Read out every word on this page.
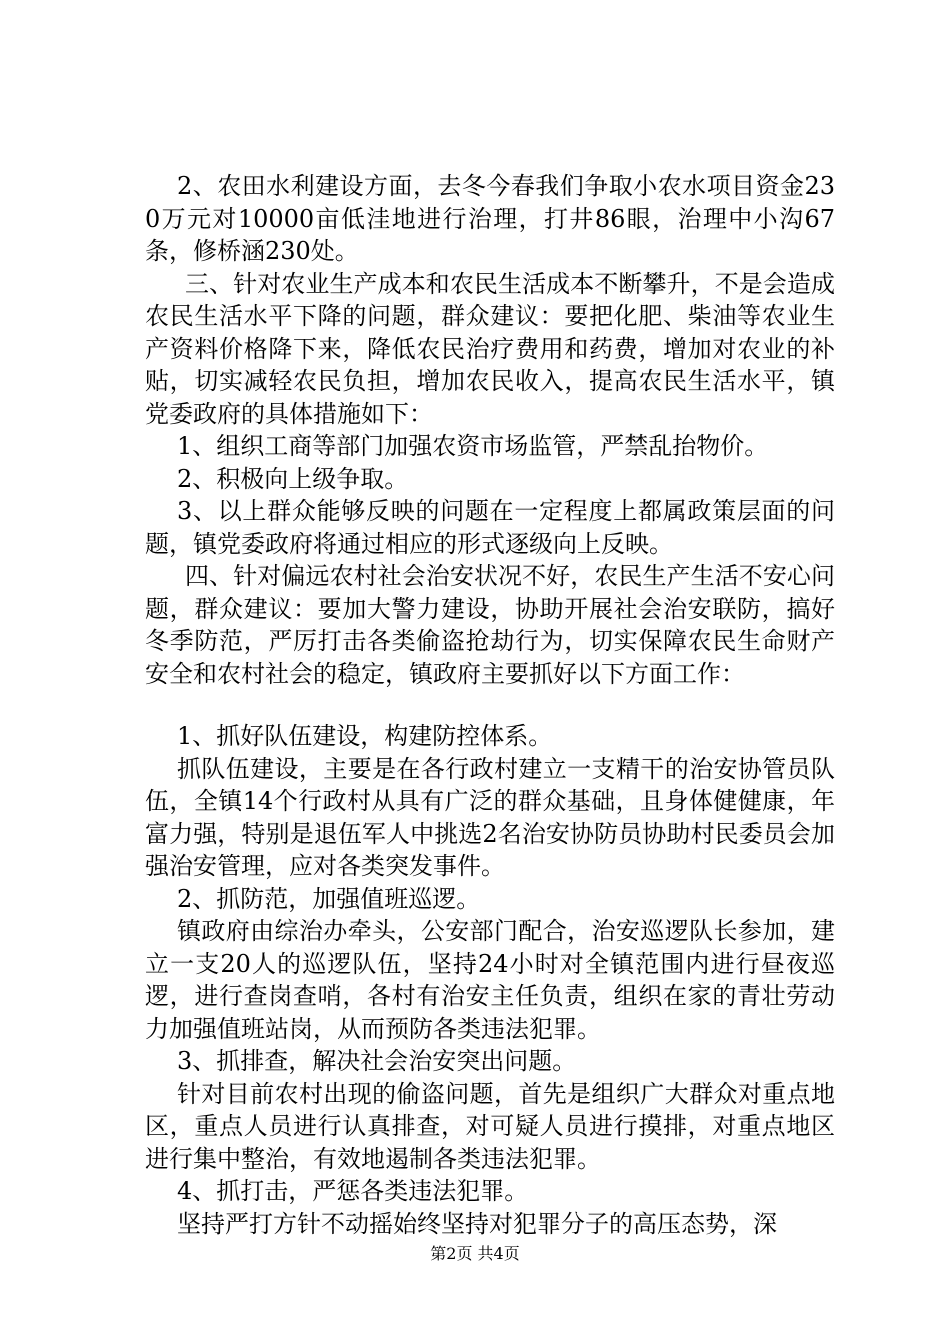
2、农田水利建设方面，去冬今春我们争取小农水项目资金230万元对10000亩低洼地进行治理，打井86眼，治理中小沟67条，修桥涵230处。

三、针对农业生产成本和农民生活成本不断攀升，不是会造成农民生活水平下降的问题，群众建议：要把化肥、柴油等农业生产资料价格降下来，降低农民治疗费用和药费，增加对农业的补贴，切实减轻农民负担，增加农民收入，提高农民生活水平，镇党委政府的具体措施如下：

1、组织工商等部门加强农资市场监管，严禁乱抬物价。

2、积极向上级争取。

3、以上群众能够反映的问题在一定程度上都属政策层面的问题，镇党委政府将通过相应的形式逐级向上反映。

四、针对偏远农村社会治安状况不好，农民生产生活不安心问题，群众建议：要加大警力建设，协助开展社会治安联防，搞好冬季防范，严厉打击各类偷盗抢劫行为，切实保障农民生命财产安全和农村社会的稳定，镇政府主要抓好以下方面工作：

1、抓好队伍建设，构建防控体系。

抓队伍建设，主要是在各行政村建立一支精干的治安协管员队伍，全镇14个行政村从具有广泛的群众基础，且身体健健康，年富力强，特别是退伍军人中挑选2名治安协防员协助村民委员会加强治安管理，应对各类突发事件。

2、抓防范，加强值班巡逻。

镇政府由综治办牵头，公安部门配合，治安巡逻队长参加，建立一支20人的巡逻队伍，坚持24小时对全镇范围内进行昼夜巡逻，进行查岗查哨，各村有治安主任负责，组织在家的青壮劳动力加强值班站岗，从而预防各类违法犯罪。

3、抓排查，解决社会治安突出问题。

针对目前农村出现的偷盗问题，首先是组织广大群众对重点地区，重点人员进行认真排查，对可疑人员进行摸排，对重点地区进行集中整治，有效地遏制各类违法犯罪。

4、抓打击，严惩各类违法犯罪。

坚持严打方针不动摇始终坚持对犯罪分子的高压态势，深

第2页 共4页
